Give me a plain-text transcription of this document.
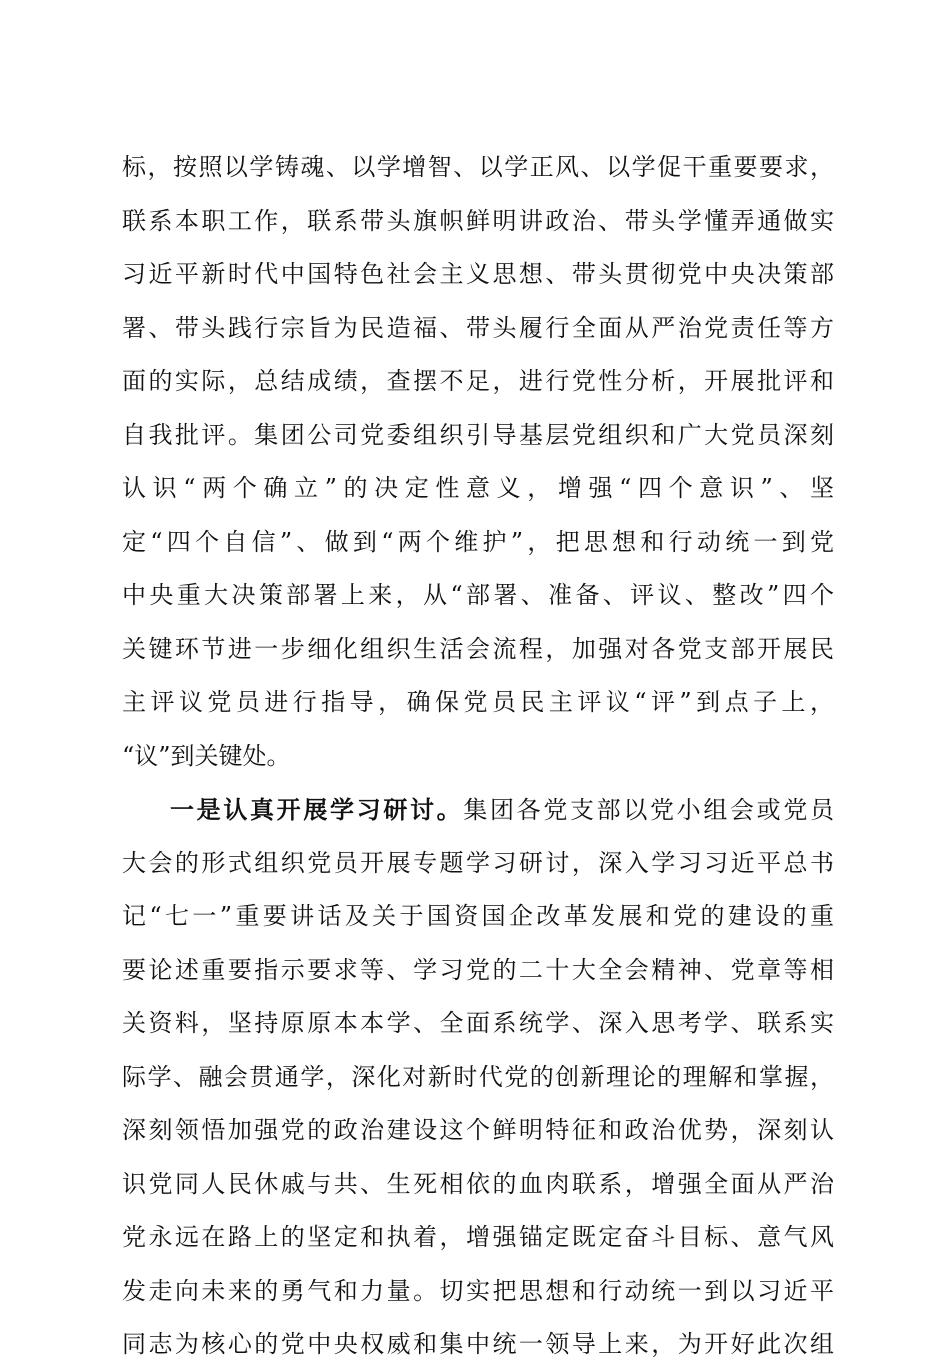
标，按照以学铸魂、以学增智、以学正风、以学促干重要要求，
联系本职工作，联系带头旗帜鲜明讲政治、带头学懂弄通做实
习近平新时代中国特色社会主义思想、带头贯彻党中央决策部
署、带头践行宗旨为民造福、带头履行全面从严治党责任等方
面的实际，总结成绩，查摆不足，进行党性分析，开展批评和
自我批评。集团公司党委组织引导基层党组织和广大党员深刻
认识“两个确立”的决定性意义，增强“四个意识”、坚
定“四个自信”、做到“两个维护”，把思想和行动统一到党
中央重大决策部署上来，从“部署、准备、评议、整改”四个
关键环节进一步细化组织生活会流程，加强对各党支部开展民
主评议党员进行指导，确保党员民主评议“评”到点子上，
“议”到关键处。
一是认真开展学习研讨。集团各党支部以党小组会或党员
大会的形式组织党员开展专题学习研讨，深入学习习近平总书
记“七一”重要讲话及关于国资国企改革发展和党的建设的重
要论述重要指示要求等、学习党的二十大全会精神、党章等相
关资料，坚持原原本本学、全面系统学、深入思考学、联系实
际学、融会贯通学，深化对新时代党的创新理论的理解和掌握，
深刻领悟加强党的政治建设这个鲜明特征和政治优势，深刻认
识党同人民休戚与共、生死相依的血肉联系，增强全面从严治
党永远在路上的坚定和执着，增强锚定既定奋斗目标、意气风
发走向未来的勇气和力量。切实把思想和行动统一到以习近平
同志为核心的党中央权威和集中统一领导上来，为开好此次组
